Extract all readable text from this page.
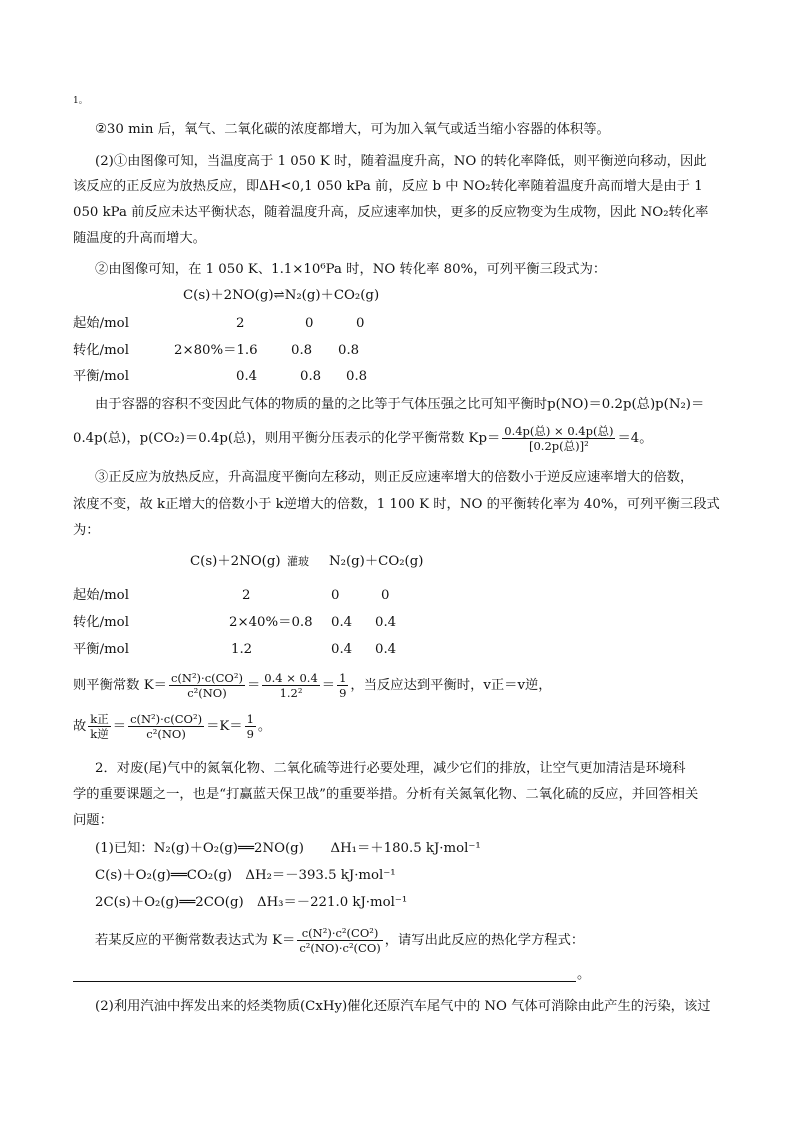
1。
②30 min 后，氧气、二氧化碳的浓度都增大，可为加入氧气或适当缩小容器的体积等。
(2)①由图像可知，当温度高于 1 050 K 时，随着温度升高，NO 的转化率降低，则平衡逆向移动，因此
该反应的正反应为放热反应，即ΔH<0,1 050 kPa 前，反应 b 中 NO₂转化率随着温度升高而增大是由于 1
050 kPa 前反应未达平衡状态，随着温度升高，反应速率加快，更多的反应物变为生成物，因此 NO₂转化率
随温度的升高而增大。
②由图像可知，在 1 050 K、1.1×10⁶Pa 时，NO 转化率 80%，可列平衡三段式为：
C(s)＋2NO(g)⇌N₂(g)＋CO₂(g)
起始/mol	2	0	0
转化/mol	2×80%＝1.6	0.8 0.8
平衡/mol	0.4	0.8 0.8
由于容器的容积不变因此气体的物质的量的之比等于气体压强之比可知平衡时p(NO)＝0.2p(总)p(N₂)＝
0.4p(总)，p(CO₂)＝0.4p(总)，则用平衡分压表示的化学平衡常数 $Kp= \frac{\text{0.4p(总) × 0.4p(总)}}{\text{[0.2p(总)]²}} =4$。
③正反应为放热反应，升高温度平衡向左移动，则正反应速率增大的倍数小于逆反应速率增大的倍数，
浓度不变，故 k正增大的倍数小于 k逆增大的倍数，1 100 K 时，NO 的平衡转化率为 40%，可列平衡三段式
为：
C(s)＋2NO(g) 灌玻 N₂(g)＋CO₂(g)
起始/mol	2	0	0
转化/mol	2×40%＝0.8 0.4 0.4
平衡/mol	1.2	0.4 0.4
则平衡常数 $K= \frac{\text{c(N²)·c(CO²)}}{\text{c²(NO)}} = \frac{0.4 \times 0.4}{\text{1.2²}} = \frac{1}{9}$ ，当反应达到平衡时，v正＝v逆，
故 $\frac{\text{k正}}{\text{k逆}} = \frac{\text{c(N²)·c(CO²)}}{\text{c²(NO)}} =K= \frac{1}{9}$ 。
2．对废(尾)气中的氮氧化物、二氧化硫等进行必要处理，减少它们的排放，让空气更加清洁是环境科
学的重要课题之一，也是“打赢蓝天保卫战”的重要举措。分析有关氮氧化物、二氧化硫的反应，并回答相关
问题：
(1)已知：N₂(g)＋O₂(g)══2NO(g)　　ΔH₁＝＋180.5 kJ·mol⁻¹
C(s)＋O₂(g)══CO₂(g)　ΔH₂＝－393.5 kJ·mol⁻¹
2C(s)＋O₂(g)══2CO(g)　ΔH₃＝－221.0 kJ·mol⁻¹
若某反应的平衡常数表达式为 $K= \frac{\text{c(N²)·c²(CO²)}}{\text{c²(NO)·c²(CO)}}$ ，请写出此反应的热化学方程式：
。
(2)利用汽油中挥发出来的烃类物质(CxHy)催化还原汽车尾气中的 NO 气体可消除由此产生的污染，该过
